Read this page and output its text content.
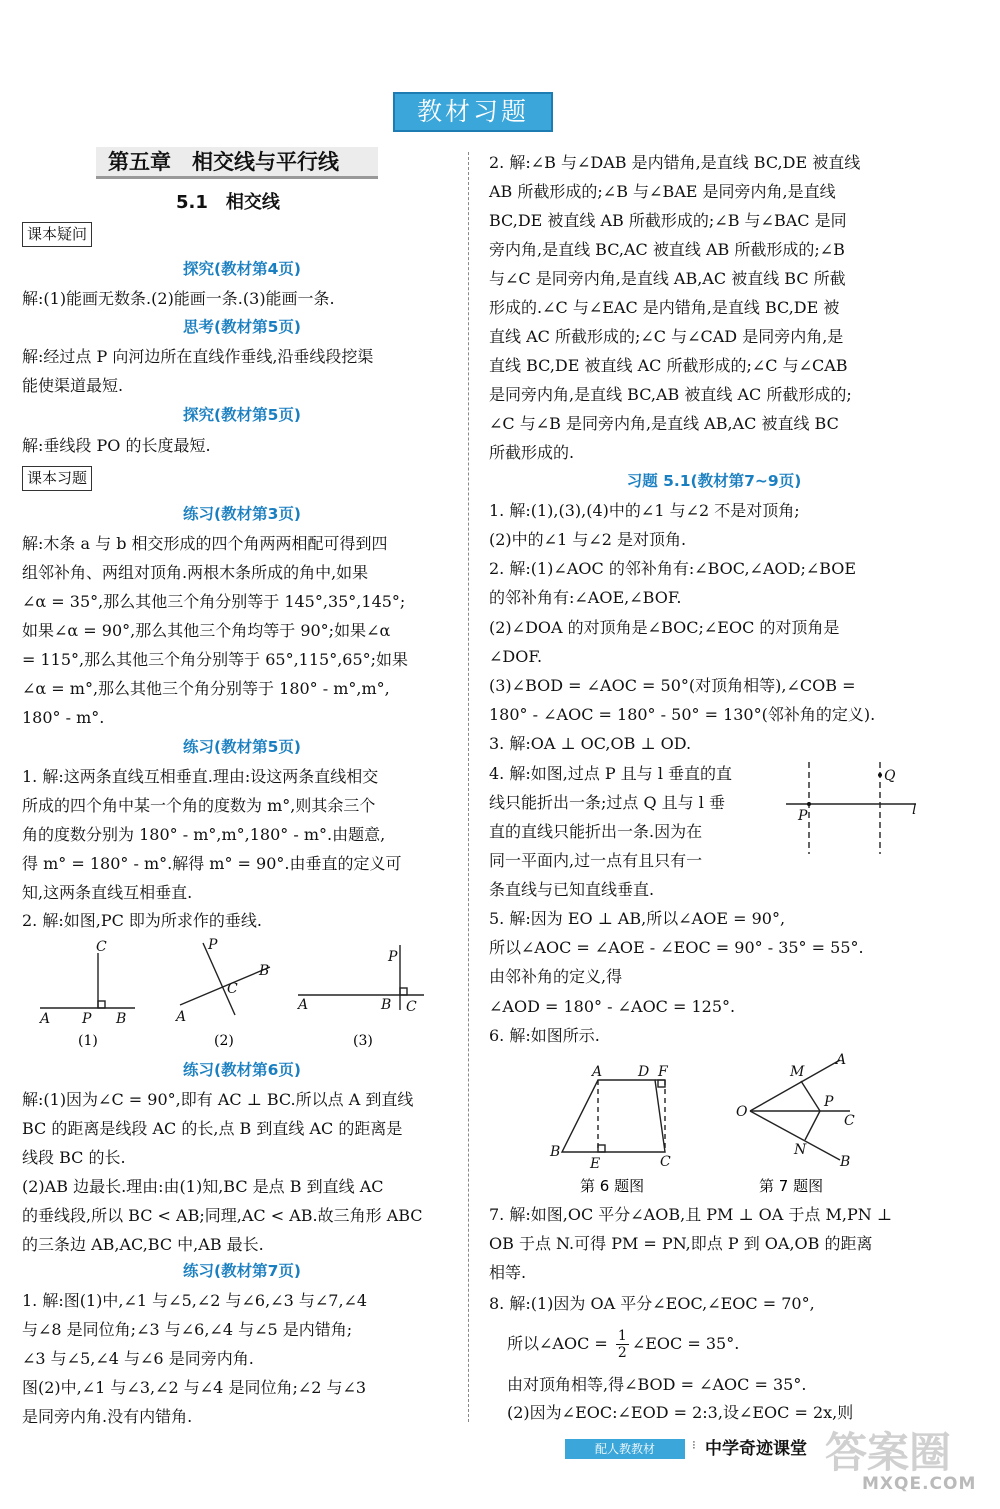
教材习题
第五章　相交线与平行线
5.1　相交线
课本疑问
课本习题
探究(教材第4页)
解:(1)能画无数条.(2)能画一条.(3)能画一条.
思考(教材第5页)
解:经过点 P 向河边所在直线作垂线,沿垂线段挖渠
能使渠道最短.
探究(教材第5页)
解:垂线段 PO 的长度最短.
练习(教材第3页)
解:木条 a 与 b 相交形成的四个角两两相配可得到四
组邻补角、两组对顶角.两根木条所成的角中,如果
∠α = 35°,那么其他三个角分别等于 145°,35°,145°;
如果∠α = 90°,那么其他三个角均等于 90°;如果∠α
= 115°,那么其他三个角分别等于 65°,115°,65°;如果
∠α = m°,那么其他三个角分别等于 180° - m°,m°,
180° - m°.
练习(教材第5页)
1. 解:这两条直线互相垂直.理由:设这两条直线相交
所成的四个角中某一个角的度数为 m°,则其余三个
角的度数分别为 180° - m°,m°,180° - m°.由题意,
得 m° = 180° - m°.解得 m° = 90°.由垂直的定义可
知,这两条直线互相垂直.
2. 解:如图,PC 即为所求作的垂线.
练习(教材第6页)
解:(1)因为∠C = 90°,即有 AC ⊥ BC.所以点 A 到直线
BC 的距离是线段 AC 的长,点 B 到直线 AC 的距离是
线段 BC 的长.
(2)AB 边最长.理由:由(1)知,BC 是点 B 到直线 AC
的垂线段,所以 BC < AB;同理,AC < AB.故三角形 ABC
的三条边 AB,AC,BC 中,AB 最长.
练习(教材第7页)
1. 解:图(1)中,∠1 与∠5,∠2 与∠6,∠3 与∠7,∠4
与∠8 是同位角;∠3 与∠6,∠4 与∠5 是内错角;
∠3 与∠5,∠4 与∠6 是同旁内角.
图(2)中,∠1 与∠3,∠2 与∠4 是同位角;∠2 与∠3
是同旁内角.没有内错角.
C
A P B
P
B
C
A
P
A	B C
(1)	(2)	(3)
2. 解:∠B 与∠DAB 是内错角,是直线 BC,DE 被直线
AB 所截形成的;∠B 与∠BAE 是同旁内角,是直线
BC,DE 被直线 AB 所截形成的;∠B 与∠BAC 是同
旁内角,是直线 BC,AC 被直线 AB 所截形成的;∠B
与∠C 是同旁内角,是直线 AB,AC 被直线 BC 所截
形成的.∠C 与∠EAC 是内错角,是直线 BC,DE 被
直线 AC 所截形成的;∠C 与∠CAD 是同旁内角,是
直线 BC,DE 被直线 AC 所截形成的;∠C 与∠CAB
是同旁内角,是直线 BC,AB 被直线 AC 所截形成的;
∠C 与∠B 是同旁内角,是直线 AB,AC 被直线 BC
所截形成的.
习题 5.1(教材第7~9页)
1. 解:(1),(3),(4)中的∠1 与∠2 不是对顶角;
(2)中的∠1 与∠2 是对顶角.
2. 解:(1)∠AOC 的邻补角有:∠BOC,∠AOD;∠BOE
的邻补角有:∠AOE,∠BOF.
(2)∠DOA 的对顶角是∠BOC;∠EOC 的对顶角是
∠DOF.
(3)∠BOD = ∠AOC = 50°(对顶角相等),∠COB =
180° - ∠AOC = 180° - 50° = 130°(邻补角的定义).
3. 解:OA ⊥ OC,OB ⊥ OD.
4. 解:如图,过点 P 且与 l 垂直的直
线只能折出一条;过点 Q 且与 l 垂
直的直线只能折出一条.因为在
同一平面内,过一点有且只有一
条直线与已知直线垂直.
5. 解:因为 EO ⊥ AB,所以∠AOE = 90°,
所以∠AOC = ∠AOE - ∠EOC = 90° - 35° = 55°.
由邻补角的定义,得
∠AOD = 180° - ∠AOC = 125°.
6. 解:如图所示.
7. 解:如图,OC 平分∠AOB,且 PM ⊥ OA 于点 M,PN ⊥
OB 于点 N.可得 PM = PN,即点 P 到 OA,OB 的距离
相等.
8. 解:(1)因为 OA 平分∠EOC,∠EOC = 70°,
所以∠AOC = $\frac{1}{2}$ ∠EOC = 35°.
由对顶角相等,得∠BOD = ∠AOC = 35°.
(2)因为∠EOC:∠EOD = 2:3,设∠EOC = 2x,则
Q
l
P
A	D F
B
E	C
A
M
O
P
C
N
B
第 6 题图	第 7 题图
配人教教材	⁝ 中学奇迹课堂 答案圈
MXQE.COM
